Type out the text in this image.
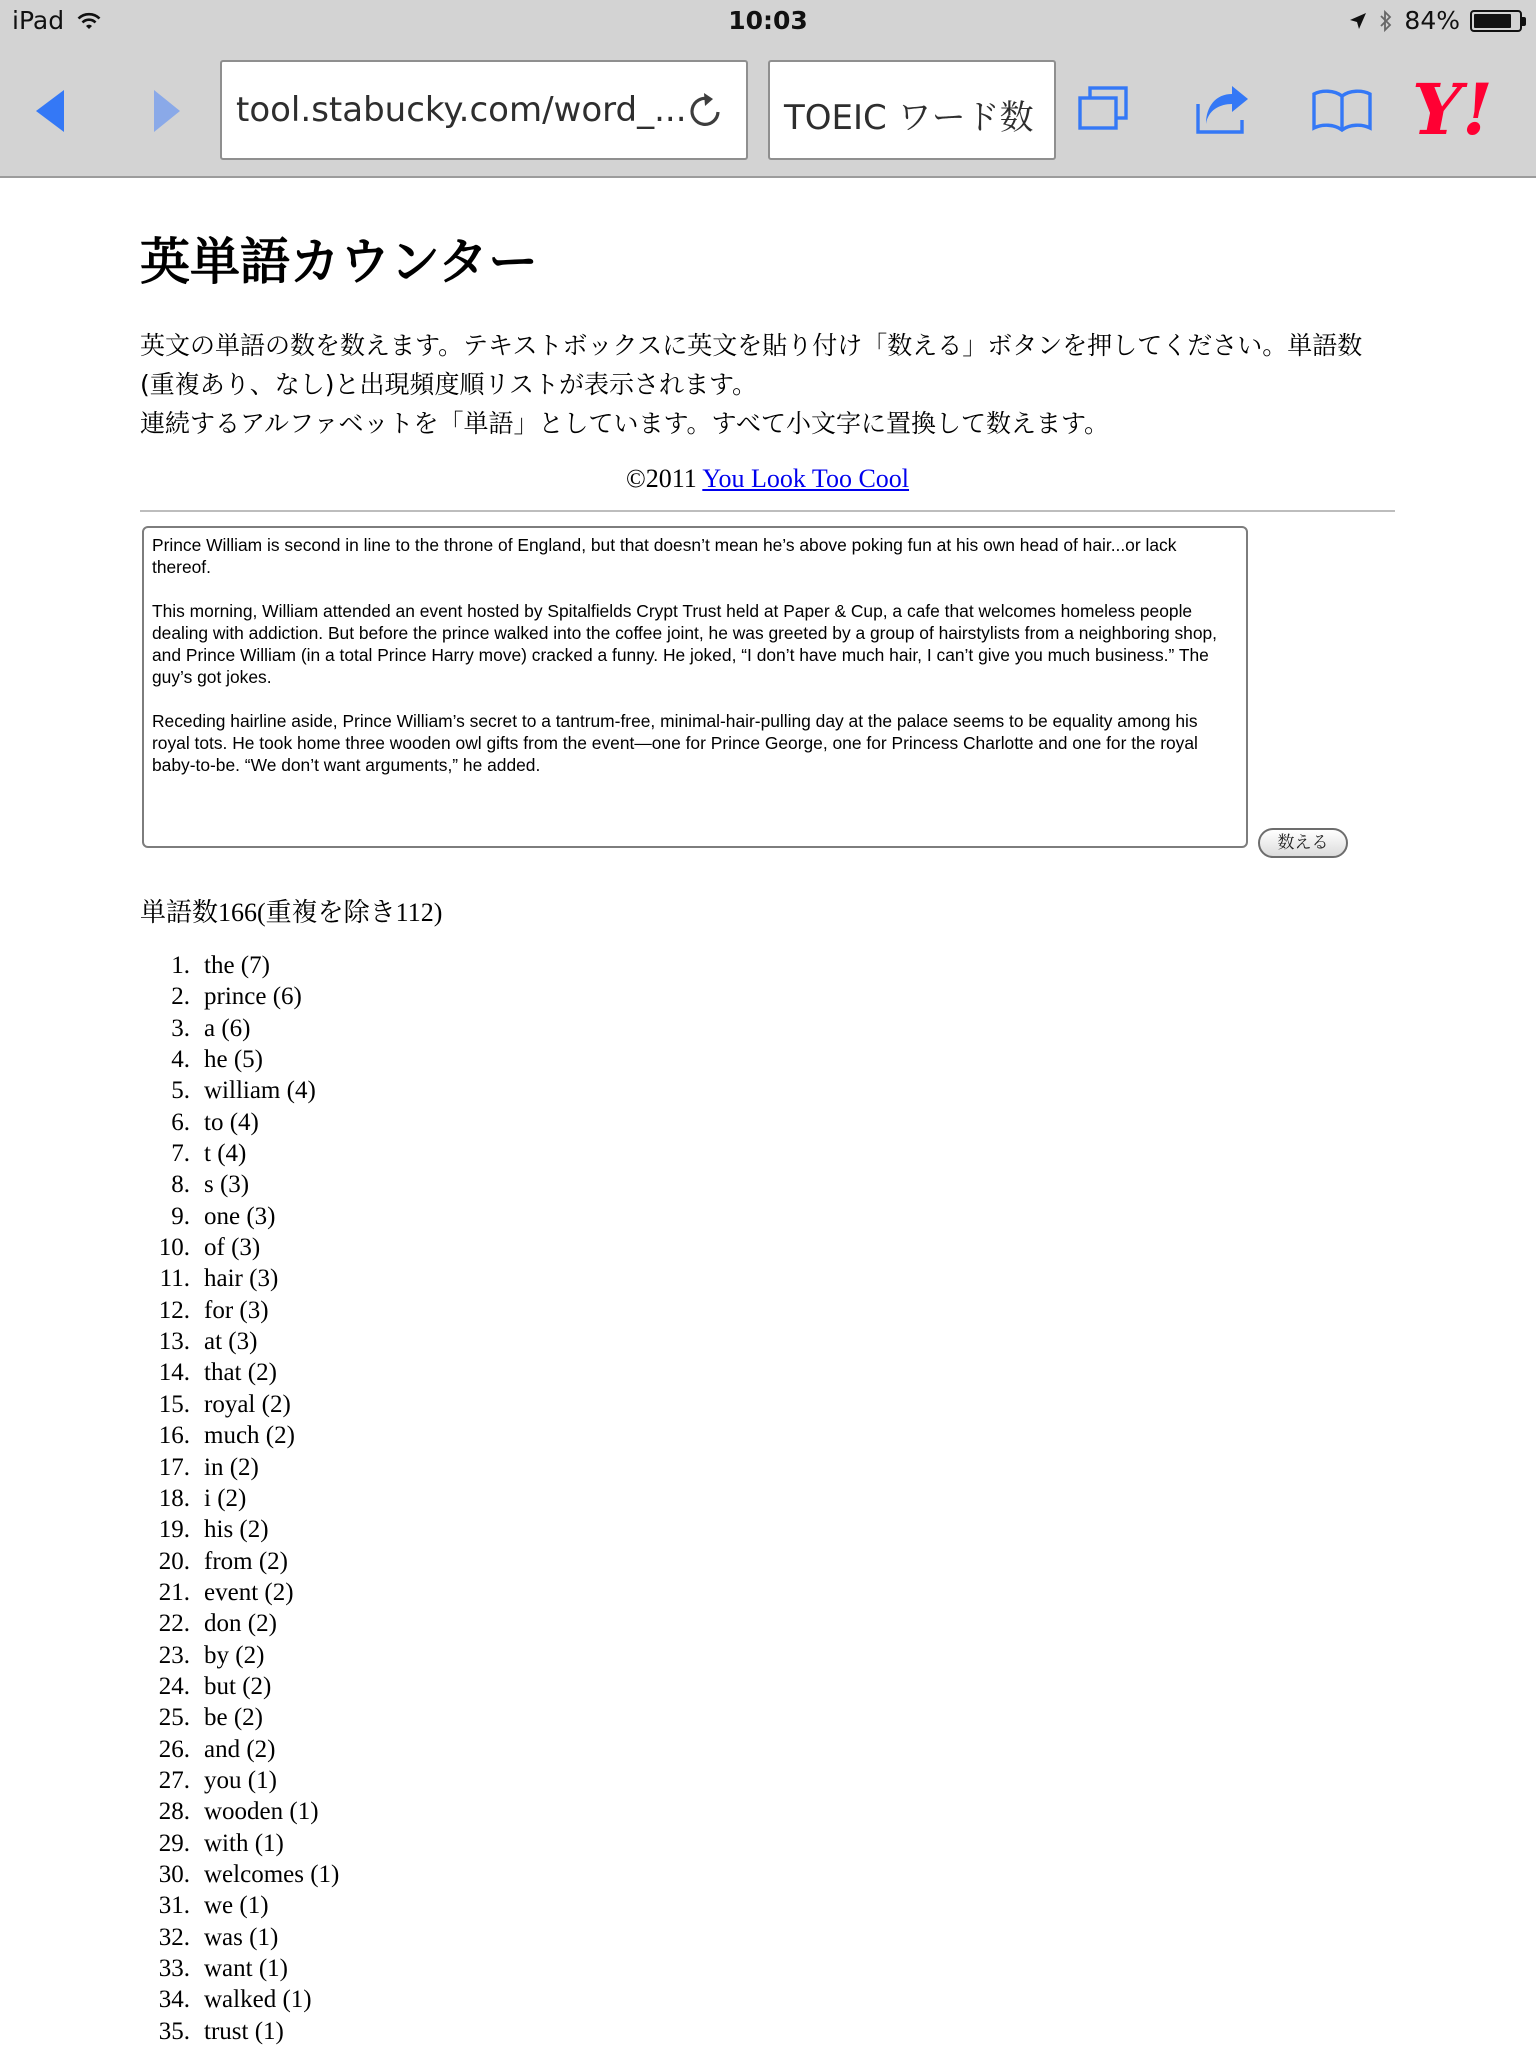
iPad	10:03	84%
tool.stabucky.com/word_...	TOEIC ワード数	Y!
英単語カウンター

英文の単語の数を数えます。テキストボックスに英文を貼り付け「数える」ボタンを押してください。単語数(重複あり、なし)と出現頻度順リストが表示されます。

連続するアルファベットを「単語」としています。すべて小文字に置換して数えます。

©2011 You Look Too Cool

Prince William is second in line to the throne of England, but that doesn’t mean he’s above poking fun at his own head of hair...or lack thereof.

This morning, William attended an event hosted by Spitalfields Crypt Trust held at Paper & Cup, a cafe that welcomes homeless people dealing with addiction. But before the prince walked into the coffee joint, he was greeted by a group of hairstylists from a neighboring shop, and Prince William (in a total Prince Harry move) cracked a funny. He joked, “I don’t have much hair, I can’t give you much business.” The guy’s got jokes.

Receding hairline aside, Prince William’s secret to a tantrum-free, minimal-hair-pulling day at the palace seems to be equality among his royal tots. He took home three wooden owl gifts from the event—one for Prince George, one for Princess Charlotte and one for the royal baby-to-be. “We don’t want arguments,” he added.

数える
単語数166(重複を除き112)
1. the (7)
2. prince (6)
3. a (6)
4. he (5)
5. william (4)
6. to (4)
7. t (4)
8. s (3)
9. one (3)
10. of (3)
11. hair (3)
12. for (3)
13. at (3)
14. that (2)
15. royal (2)
16. much (2)
17. in (2)
18. i (2)
19. his (2)
20. from (2)
21. event (2)
22. don (2)
23. by (2)
24. but (2)
25. be (2)
26. and (2)
27. you (1)
28. wooden (1)
29. with (1)
30. welcomes (1)
31. we (1)
32. was (1)
33. want (1)
34. walked (1)
35. trust (1)
